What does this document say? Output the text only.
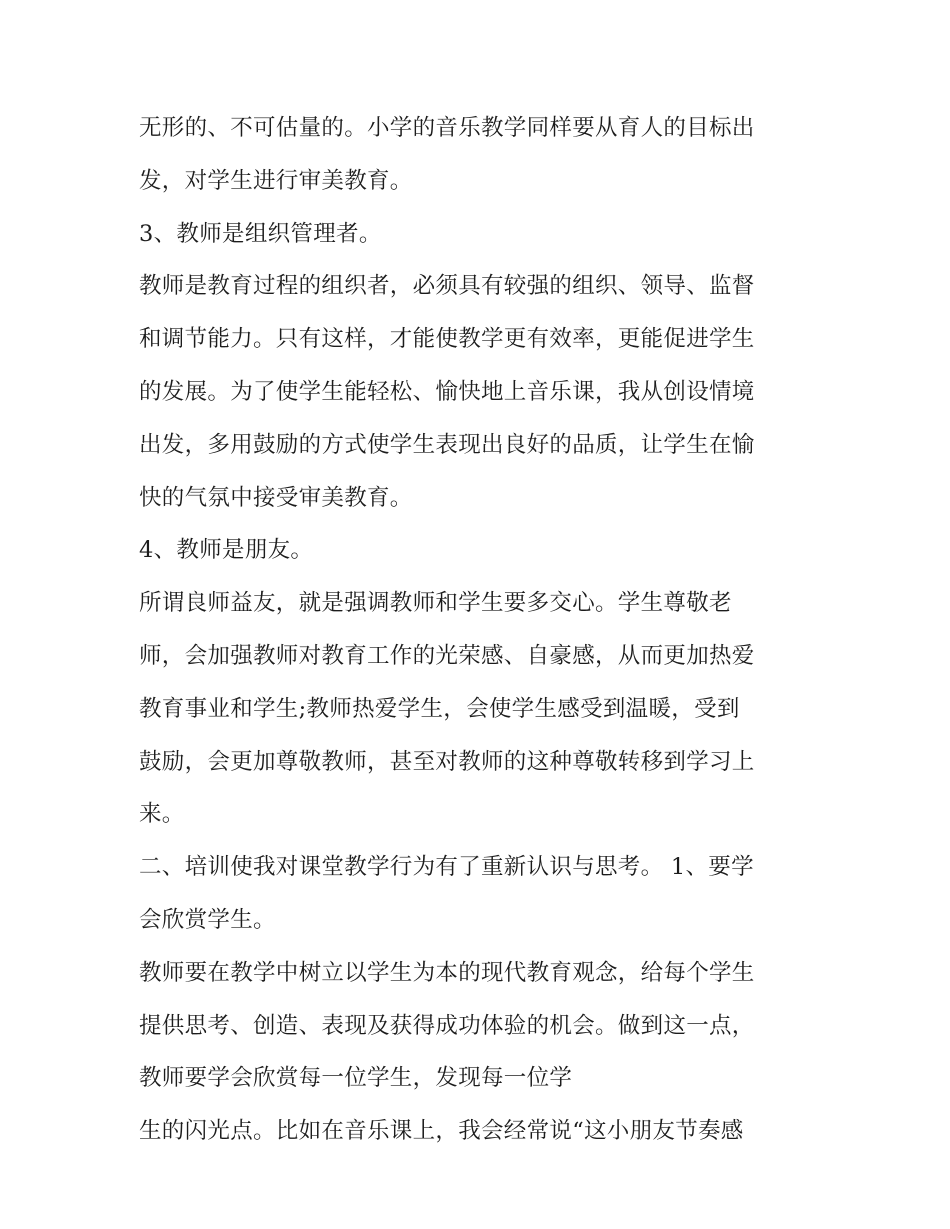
无形的、不可估量的。小学的音乐教学同样要从育人的目标出
发，对学生进行审美教育。
3、教师是组织管理者。
教师是教育过程的组织者，必须具有较强的组织、领导、监督
和调节能力。只有这样，才能使教学更有效率，更能促进学生
的发展。为了使学生能轻松、愉快地上音乐课，我从创设情境
出发，多用鼓励的方式使学生表现出良好的品质，让学生在愉
快的气氛中接受审美教育。
4、教师是朋友。
所谓良师益友，就是强调教师和学生要多交心。学生尊敬老
师，会加强教师对教育工作的光荣感、自豪感，从而更加热爱
教育事业和学生;教师热爱学生，会使学生感受到温暖，受到
鼓励，会更加尊敬教师，甚至对教师的这种尊敬转移到学习上
来。
二、培训使我对课堂教学行为有了重新认识与思考。 1、要学
会欣赏学生。
教师要在教学中树立以学生为本的现代教育观念，给每个学生
提供思考、创造、表现及获得成功体验的机会。做到这一点，
教师要学会欣赏每一位学生，发现每一位学
生的闪光点。比如在音乐课上，我会经常说“这小朋友节奏感
